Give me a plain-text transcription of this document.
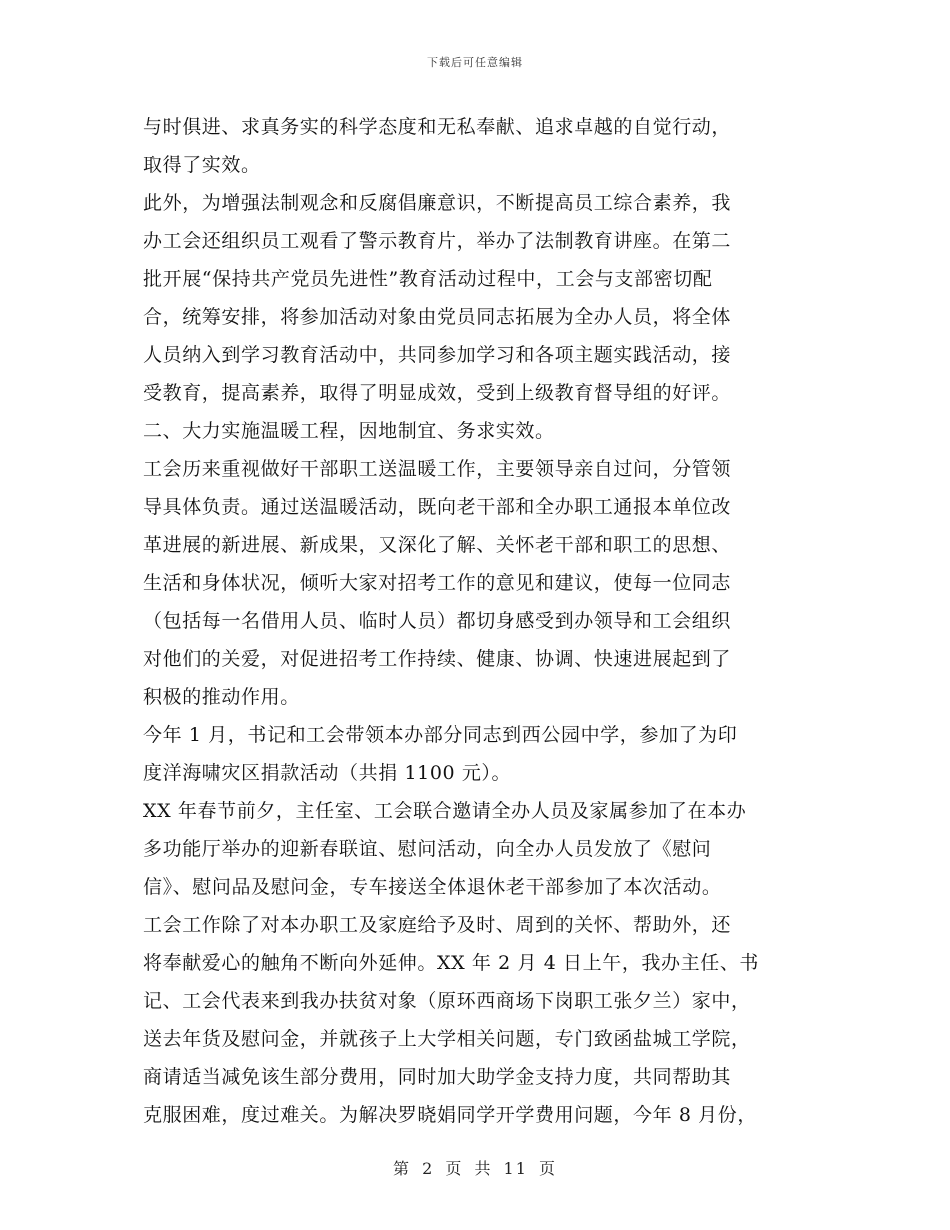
下载后可任意编辑
与时俱进、求真务实的科学态度和无私奉献、追求卓越的自觉行动，
取得了实效。
此外，为增强法制观念和反腐倡廉意识，不断提高员工综合素养，我
办工会还组织员工观看了警示教育片，举办了法制教育讲座。在第二
批开展“保持共产党员先进性”教育活动过程中，工会与支部密切配
合，统筹安排，将参加活动对象由党员同志拓展为全办人员，将全体
人员纳入到学习教育活动中，共同参加学习和各项主题实践活动，接
受教育，提高素养，取得了明显成效，受到上级教育督导组的好评。
二、大力实施温暖工程，因地制宜、务求实效。
工会历来重视做好干部职工送温暖工作，主要领导亲自过问，分管领
导具体负责。通过送温暖活动，既向老干部和全办职工通报本单位改
革进展的新进展、新成果，又深化了解、关怀老干部和职工的思想、
生活和身体状况，倾听大家对招考工作的意见和建议，使每一位同志
（包括每一名借用人员、临时人员）都切身感受到办领导和工会组织
对他们的关爱，对促进招考工作持续、健康、协调、快速进展起到了
积极的推动作用。
今年 1 月，书记和工会带领本办部分同志到西公园中学，参加了为印
度洋海啸灾区捐款活动（共捐 1100 元）。
XX 年春节前夕，主任室、工会联合邀请全办人员及家属参加了在本办
多功能厅举办的迎新春联谊、慰问活动，向全办人员发放了《慰问
信》、慰问品及慰问金，专车接送全体退休老干部参加了本次活动。
工会工作除了对本办职工及家庭给予及时、周到的关怀、帮助外，还
将奉献爱心的触角不断向外延伸。XX 年 2 月 4 日上午，我办主任、书
记、工会代表来到我办扶贫对象（原环西商场下岗职工张夕兰）家中，
送去年货及慰问金，并就孩子上大学相关问题，专门致函盐城工学院，
商请适当减免该生部分费用，同时加大助学金支持力度，共同帮助其
克服困难，度过难关。为解决罗晓娟同学开学费用问题，今年 8 月份，
第 2 页 共 11 页
